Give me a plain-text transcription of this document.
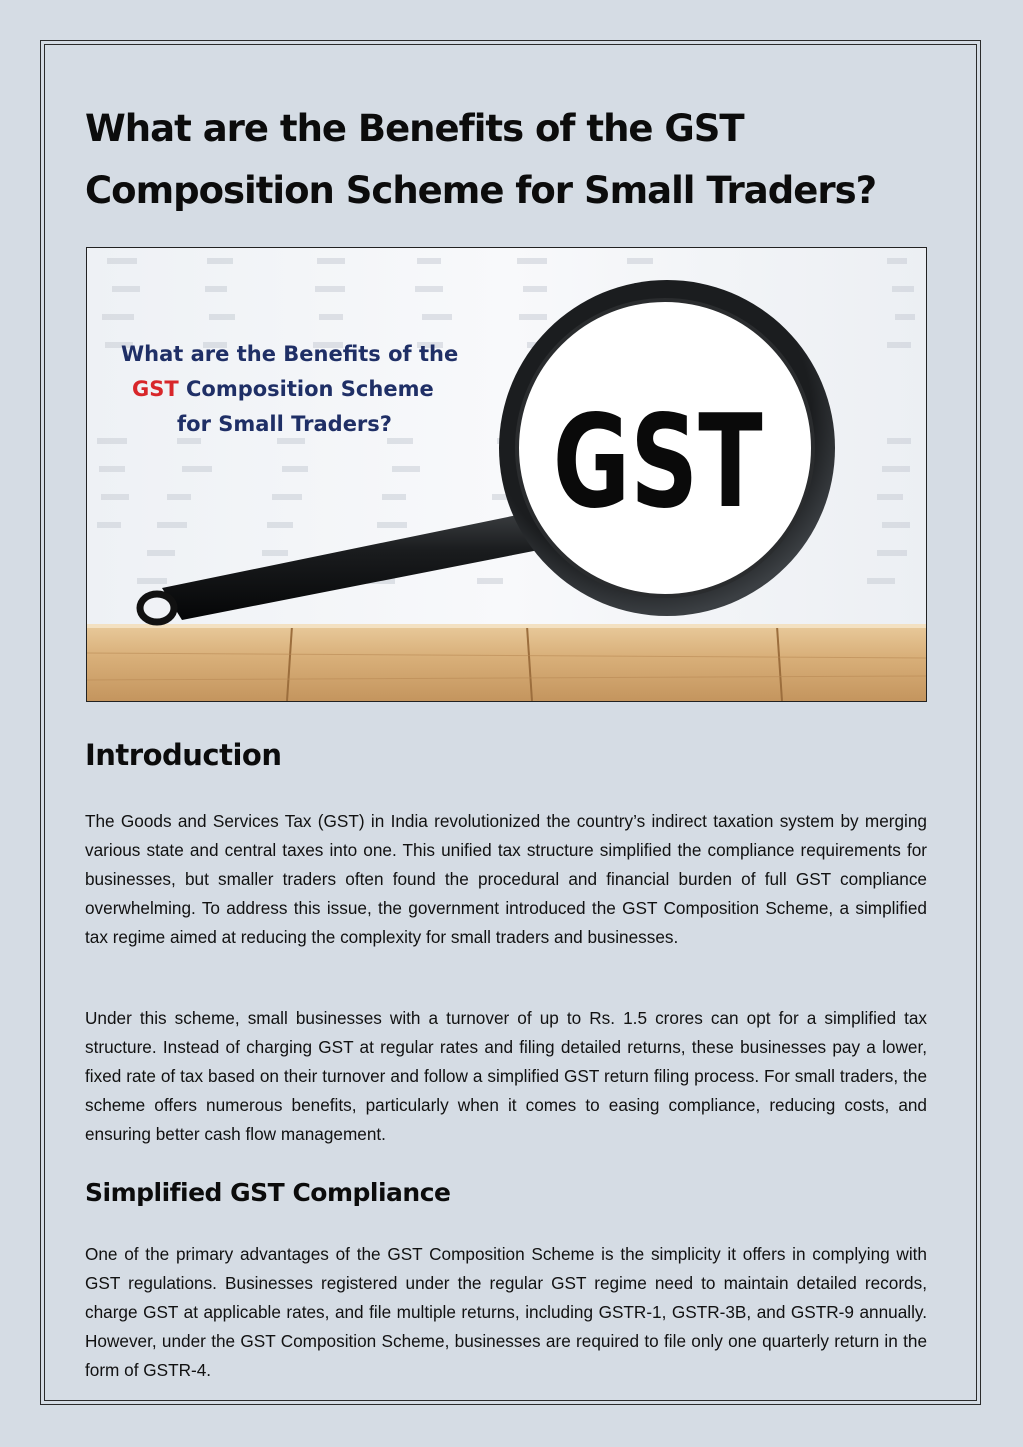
What are the Benefits of the GST Composition Scheme for Small Traders?
GST
What are the Benefits of the
GST Composition Scheme
for Small Traders?
Introduction

The Goods and Services Tax (GST) in India revolutionized the country’s indirect taxation system by merging various state and central taxes into one. This unified tax structure simplified the compliance requirements for businesses, but smaller traders often found the procedural and financial burden of full GST compliance overwhelming. To address this issue, the government introduced the GST Composition Scheme, a simplified tax regime aimed at reducing the complexity for small traders and businesses.

Under this scheme, small businesses with a turnover of up to Rs. 1.5 crores can opt for a simplified tax structure. Instead of charging GST at regular rates and filing detailed returns, these businesses pay a lower, fixed rate of tax based on their turnover and follow a simplified GST return filing process. For small traders, the scheme offers numerous benefits, particularly when it comes to easing compliance, reducing costs, and ensuring better cash flow management.

Simplified GST Compliance

One of the primary advantages of the GST Composition Scheme is the simplicity it offers in complying with GST regulations. Businesses registered under the regular GST regime need to maintain detailed records, charge GST at applicable rates, and file multiple returns, including GSTR-1, GSTR-3B, and GSTR-9 annually. However, under the GST Composition Scheme, businesses are required to file only one quarterly return in the form of GSTR-4.
